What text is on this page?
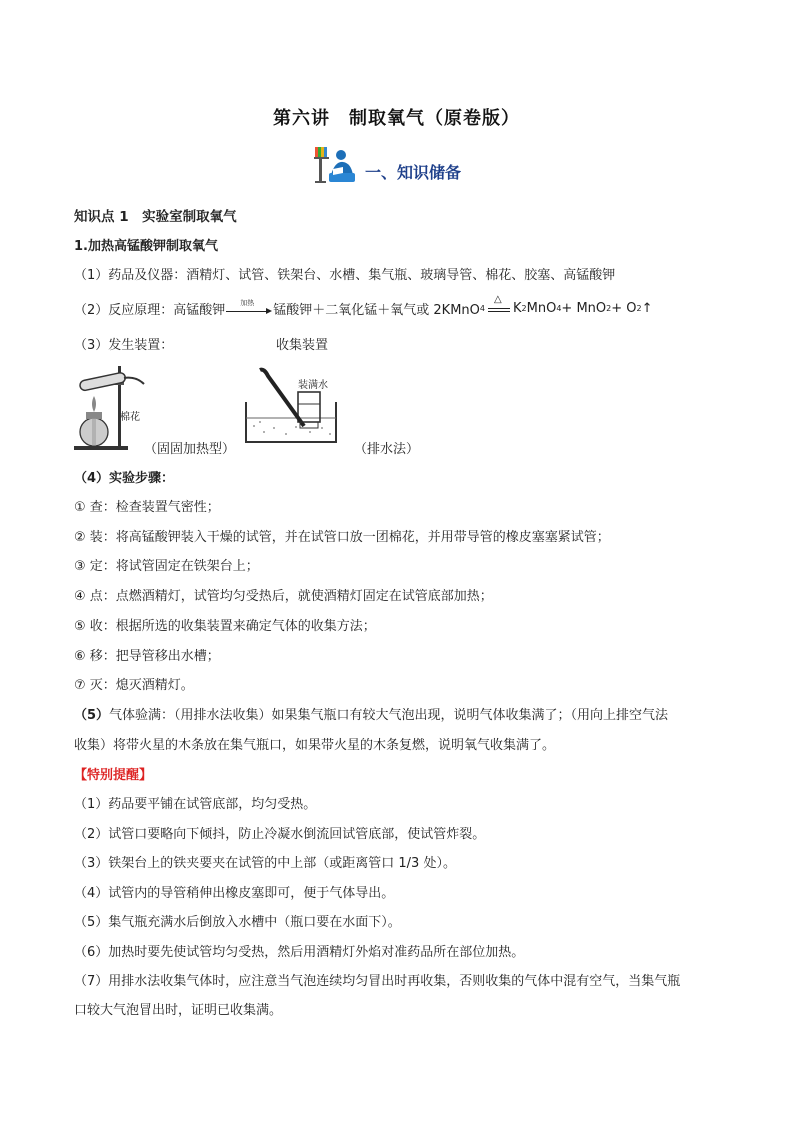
第六讲　制取氧气（原卷版）
一、知识储备
知识点 1　实验室制取氧气
1.加热高锰酸钾制取氧气
（1）药品及仪器：酒精灯、试管、铁架台、水槽、集气瓶、玻璃导管、棉花、胶塞、高锰酸钾
（2）反应原理：高锰酸钾
加热
锰酸钾＋二氧化锰＋氧气或 2KMnO 4
△
K 2 MnO 4 + MnO 2 + O 2 ↑
（3）发生装置：	收集装置
棉花
装满水
（固固加热型）	（排水法）
（4）实验步骤：
① 查：检查装置气密性；
② 装：将高锰酸钾装入干燥的试管，并在试管口放一团棉花，并用带导管的橡皮塞塞紧试管；
③ 定：将试管固定在铁架台上；
④ 点：点燃酒精灯，试管均匀受热后，就使酒精灯固定在试管底部加热；
⑤ 收：根据所选的收集装置来确定气体的收集方法；
⑥ 移：把导管移出水槽；
⑦ 灭：熄灭酒精灯。
（5）气体验满：（用排水法收集）如果集气瓶口有较大气泡出现，说明气体收集满了；（用向上排空气法
收集）将带火星的木条放在集气瓶口，如果带火星的木条复燃，说明氧气收集满了。
【特别提醒】
（1）药品要平铺在试管底部，均匀受热。
（2）试管口要略向下倾抖，防止冷凝水倒流回试管底部，使试管炸裂。
（3）铁架台上的铁夹要夹在试管的中上部（或距离管口 1/3 处）。
（4）试管内的导管稍伸出橡皮塞即可，便于气体导出。
（5）集气瓶充满水后倒放入水槽中（瓶口要在水面下）。
（6）加热时要先使试管均匀受热，然后用酒精灯外焰对准药品所在部位加热。
（7）用排水法收集气体时，应注意当气泡连续均匀冒出时再收集，否则收集的气体中混有空气，当集气瓶
口较大气泡冒出时，证明已收集满。
